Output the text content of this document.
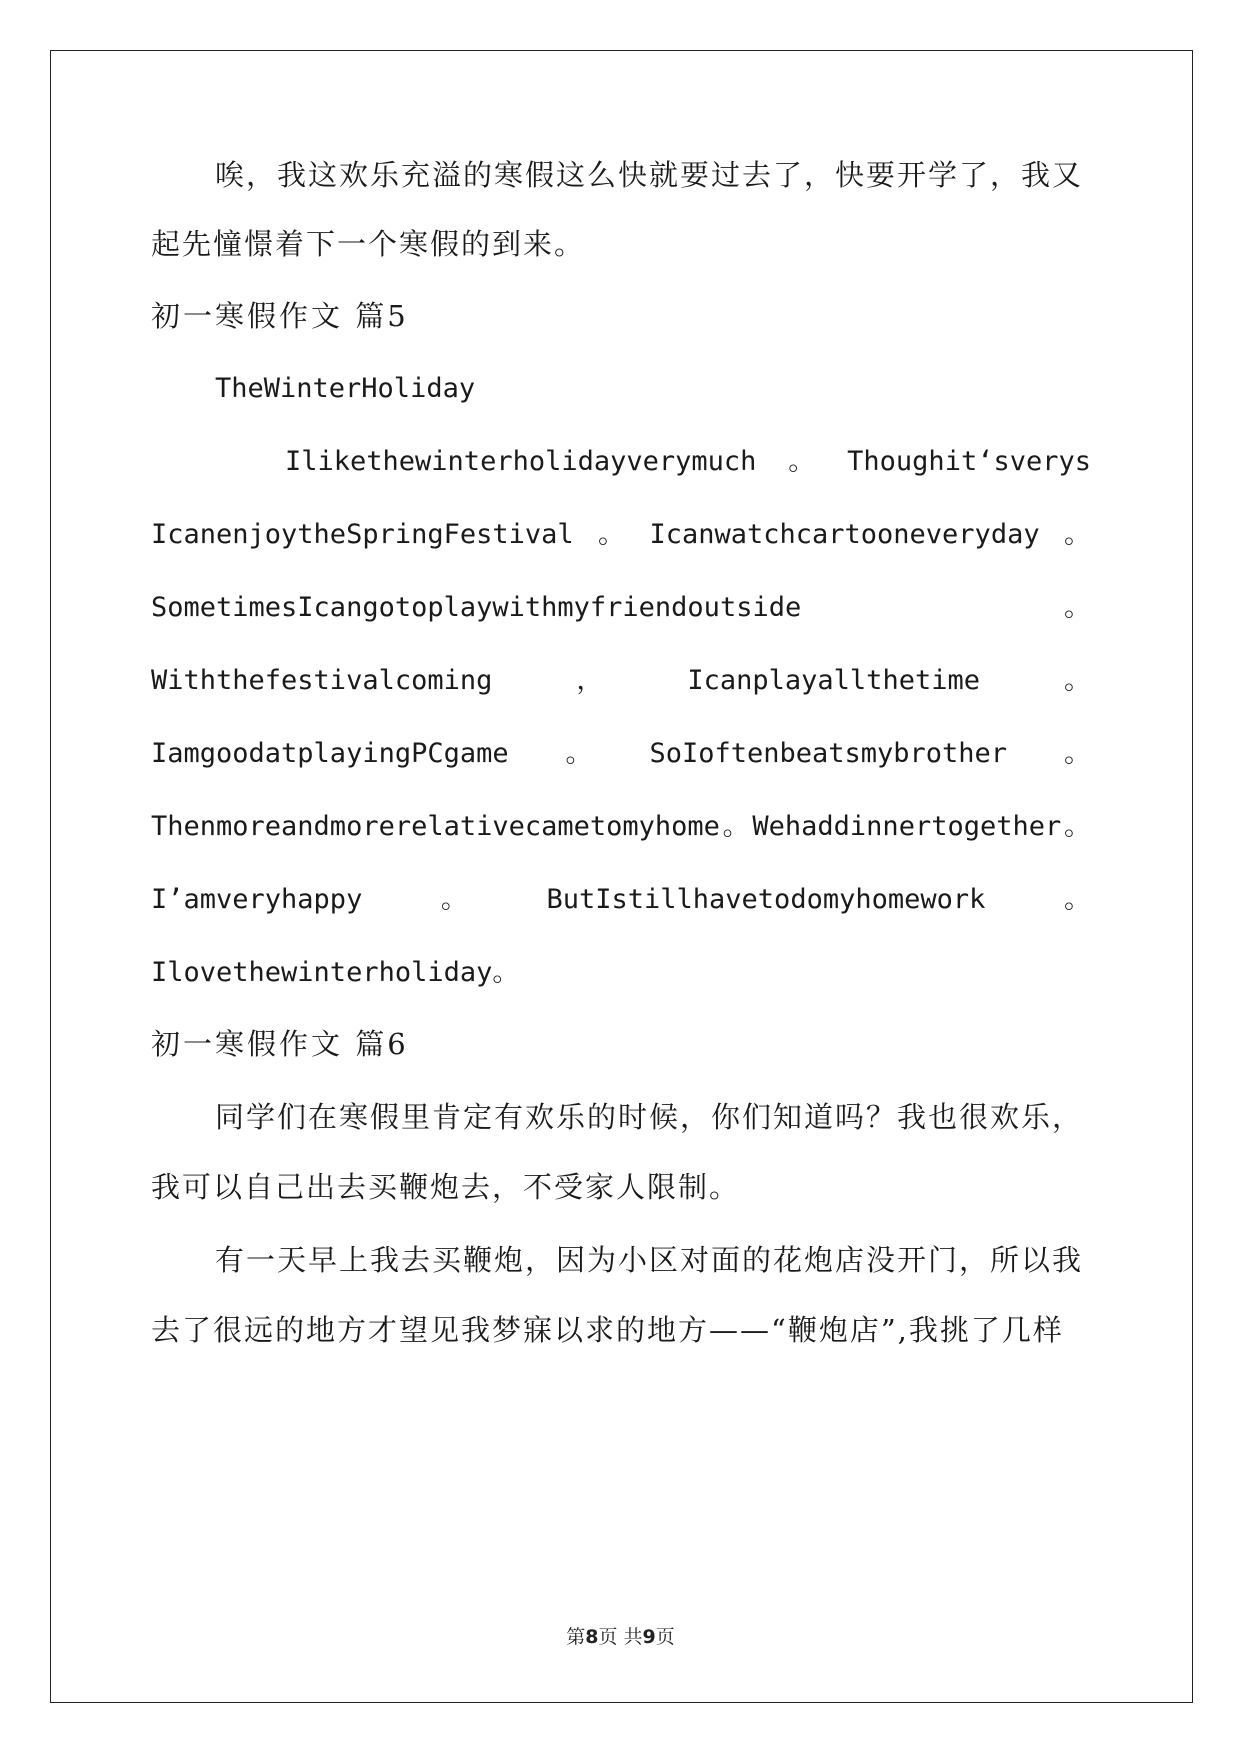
唉，我这欢乐充溢的寒假这么快就要过去了，快要开学了，我又
起先憧憬着下一个寒假的到来。
初一寒假作文 篇5
TheWinterHoliday
Ilikethewinterholidayverymuch 。 Thoughit‘sverys
IcanenjoytheSpringFestival 。 Icanwatchcartooneveryday 。
SometimesIcangotoplaywithmyfriendoutside	。
Withthefestivalcoming	，	Icanplayallthetime	。
IamgoodatplayingPCgame 。 SoIoftenbeatsmybrother 。
Thenmoreandmorerelativecametomyhome 。 Wehaddinnertogether 。
I’amveryhappy	。	ButIstillhavetodomyhomework	。
Ilovethewinterholiday。
初一寒假作文 篇6
同学们在寒假里肯定有欢乐的时候，你们知道吗？我也很欢乐，
我可以自己出去买鞭炮去，不受家人限制。
有一天早上我去买鞭炮，因为小区对面的花炮店没开门，所以我
去了很远的地方才望见我梦寐以求的地方——“鞭炮店”,我挑了几样
第8页 共9页
